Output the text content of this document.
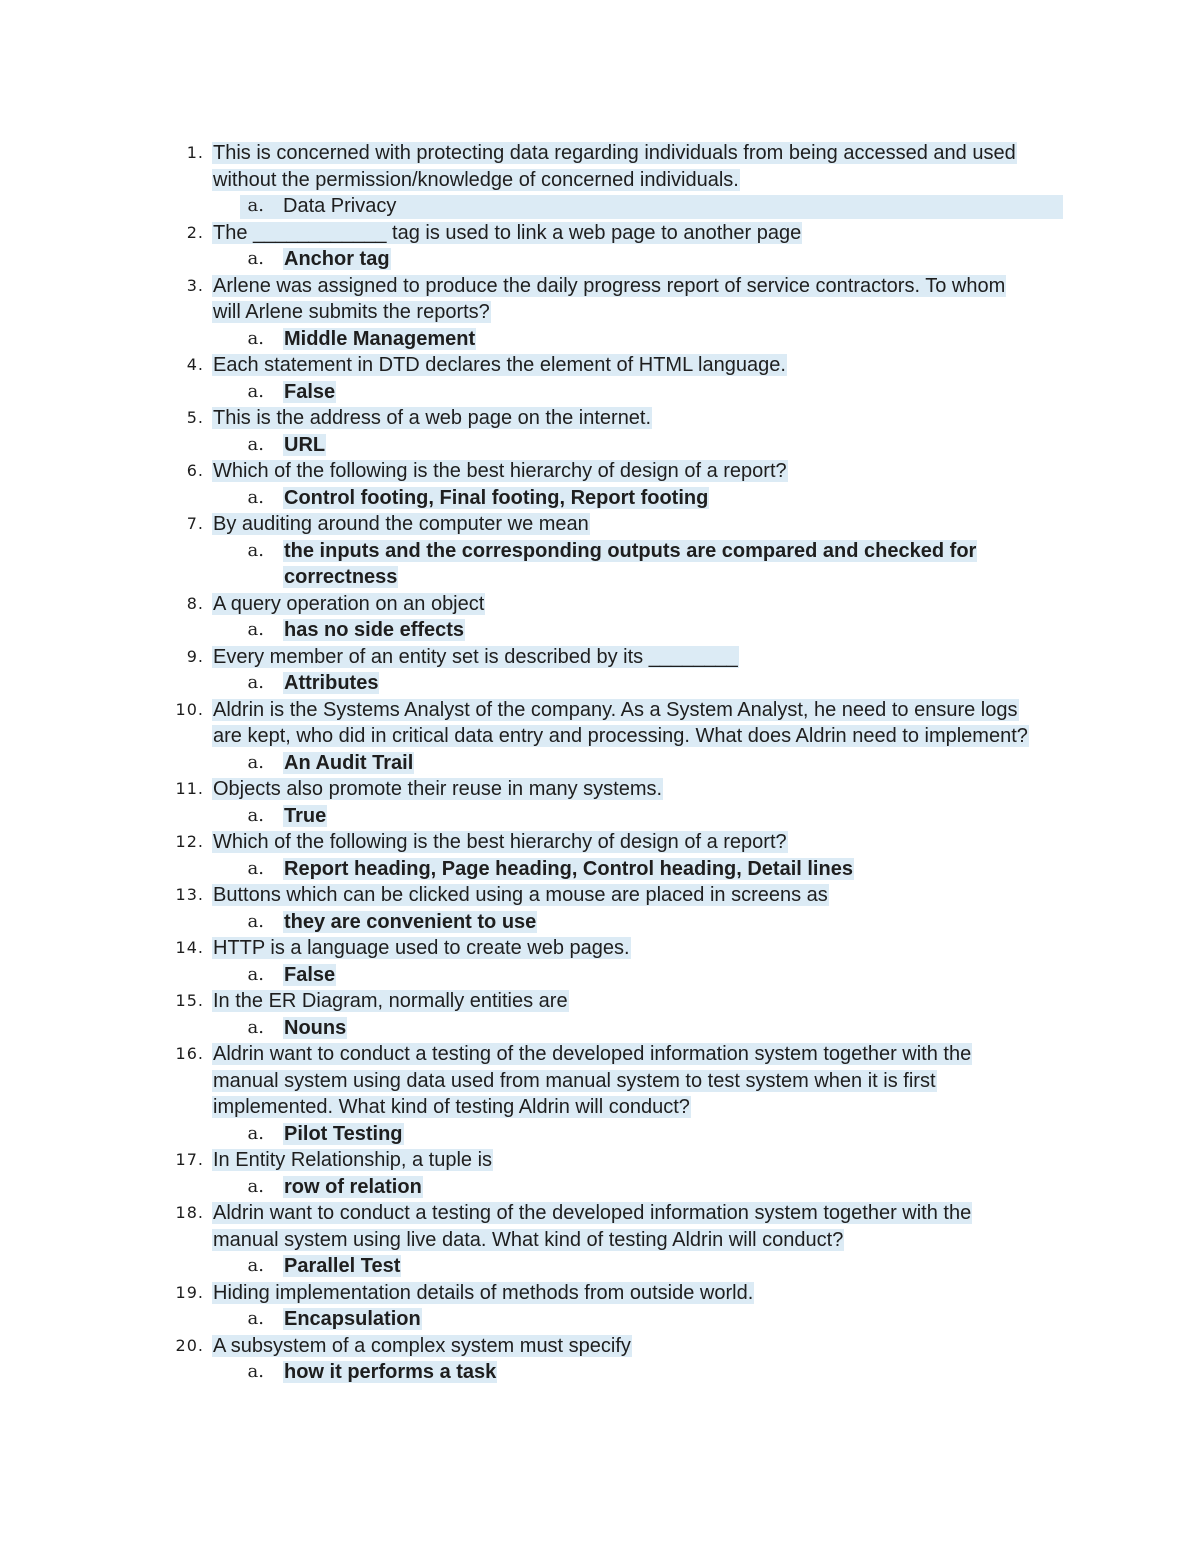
1. This is concerned with protecting data regarding individuals from being accessed and used
without the permission/knowledge of concerned individuals.
a. Data Privacy
2. The ____________ tag is used to link a web page to another page
a. Anchor tag
3. Arlene was assigned to produce the daily progress report of service contractors. To whom
will Arlene submits the reports?
a. Middle Management
4. Each statement in DTD declares the element of HTML language.
a. False
5. This is the address of a web page on the internet.
a. URL
6. Which of the following is the best hierarchy of design of a report?
a. Control footing, Final footing, Report footing
7. By auditing around the computer we mean
a. the inputs and the corresponding outputs are compared and checked for
correctness
8. A query operation on an object
a. has no side effects
9. Every member of an entity set is described by its ________
a. Attributes
10. Aldrin is the Systems Analyst of the company. As a System Analyst, he need to ensure logs
are kept, who did in critical data entry and processing. What does Aldrin need to implement?
a. An Audit Trail
11. Objects also promote their reuse in many systems.
a. True
12. Which of the following is the best hierarchy of design of a report?
a. Report heading, Page heading, Control heading, Detail lines
13. Buttons which can be clicked using a mouse are placed in screens as
a. they are convenient to use
14. HTTP is a language used to create web pages.
a. False
15. In the ER Diagram, normally entities are
a. Nouns
16. Aldrin want to conduct a testing of the developed information system together with the
manual system using data used from manual system to test system when it is first
implemented. What kind of testing Aldrin will conduct?
a. Pilot Testing
17. In Entity Relationship, a tuple is
a. row of relation
18. Aldrin want to conduct a testing of the developed information system together with the
manual system using live data. What kind of testing Aldrin will conduct?
a. Parallel Test
19. Hiding implementation details of methods from outside world.
a. Encapsulation
20. A subsystem of a complex system must specify
a. how it performs a task
